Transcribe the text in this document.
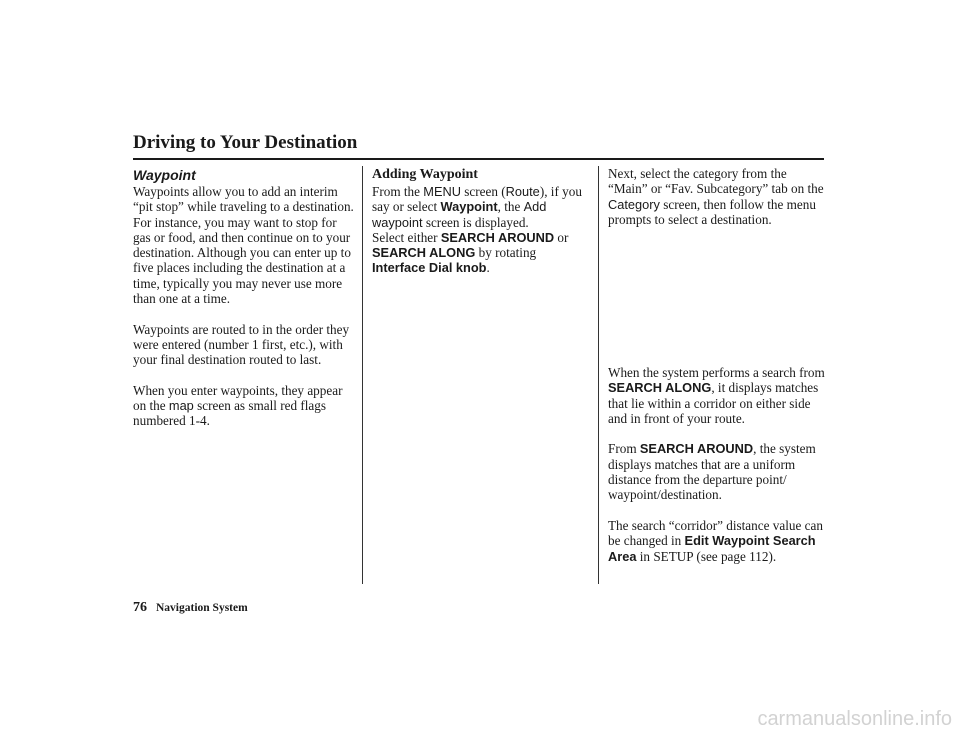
Driving to Your Destination
Waypoint

Waypoints allow you to add an interim “pit stop” while traveling to a destination. For instance, you may want to stop for gas or food, and then continue on to your destination. Although you can enter up to five places including the destination at a time, typically you may never use more than one at a time.

Waypoints are routed to in the order they were entered (number 1 first, etc.), with your final destination routed to last.

When you enter waypoints, they appear on the map screen as small red flags numbered 1-4.

Adding Waypoint
From the MENU screen (Route), if you say or select Waypoint, the Add waypoint screen is displayed.
Select either SEARCH AROUND or SEARCH ALONG by rotating Interface Dial knob.

Next, select the category from the “Main” or “Fav. Subcategory” tab on the Category screen, then follow the menu prompts to select a destination.

When the system performs a search from SEARCH ALONG, it displays matches that lie within a corridor on either side and in front of your route.

From SEARCH AROUND, the system displays matches that are a uniform distance from the departure point/ waypoint/destination.

The search “corridor” distance value can be changed in Edit Waypoint Search Area in SETUP (see page 112).

76 Navigation System
carmanualsonline.info
